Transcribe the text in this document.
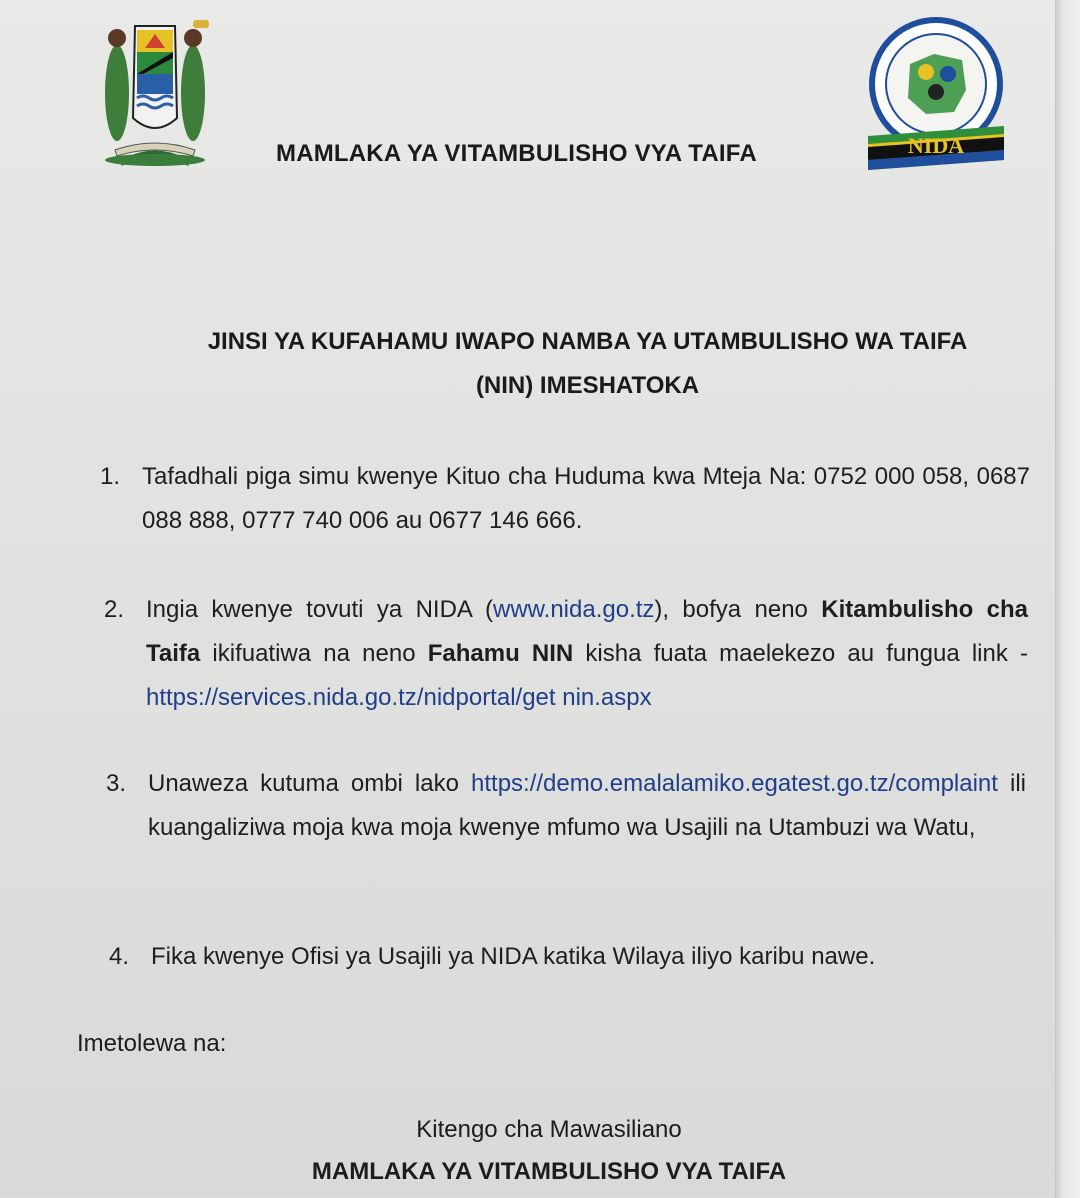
NIDA
MAMLAKA YA VITAMBULISHO VYA TAIFA
JINSI YA KUFAHAMU IWAPO NAMBA YA UTAMBULISHO WA TAIFA
(NIN) IMESHATOKA
1. Tafadhali piga simu kwenye Kituo cha Huduma kwa Mteja Na: 0752 000 058, 0687 088 888, 0777 740 006 au 0677 146 666.
2. Ingia kwenye tovuti ya NIDA (www.nida.go.tz), bofya neno Kitambulisho cha Taifa ikifuatiwa na neno Fahamu NIN kisha fuata maelekezo au fungua link - https://services.nida.go.tz/nidportal/get nin.aspx
3. Unaweza kutuma ombi lako https://demo.emalalamiko.egatest.go.tz/complaint ili kuangaliziwa moja kwa moja kwenye mfumo wa Usajili na Utambuzi wa Watu,
4. Fika kwenye Ofisi ya Usajili ya NIDA katika Wilaya iliyo karibu nawe.
Imetolewa na:
Kitengo cha Mawasiliano
MAMLAKA YA VITAMBULISHO VYA TAIFA
